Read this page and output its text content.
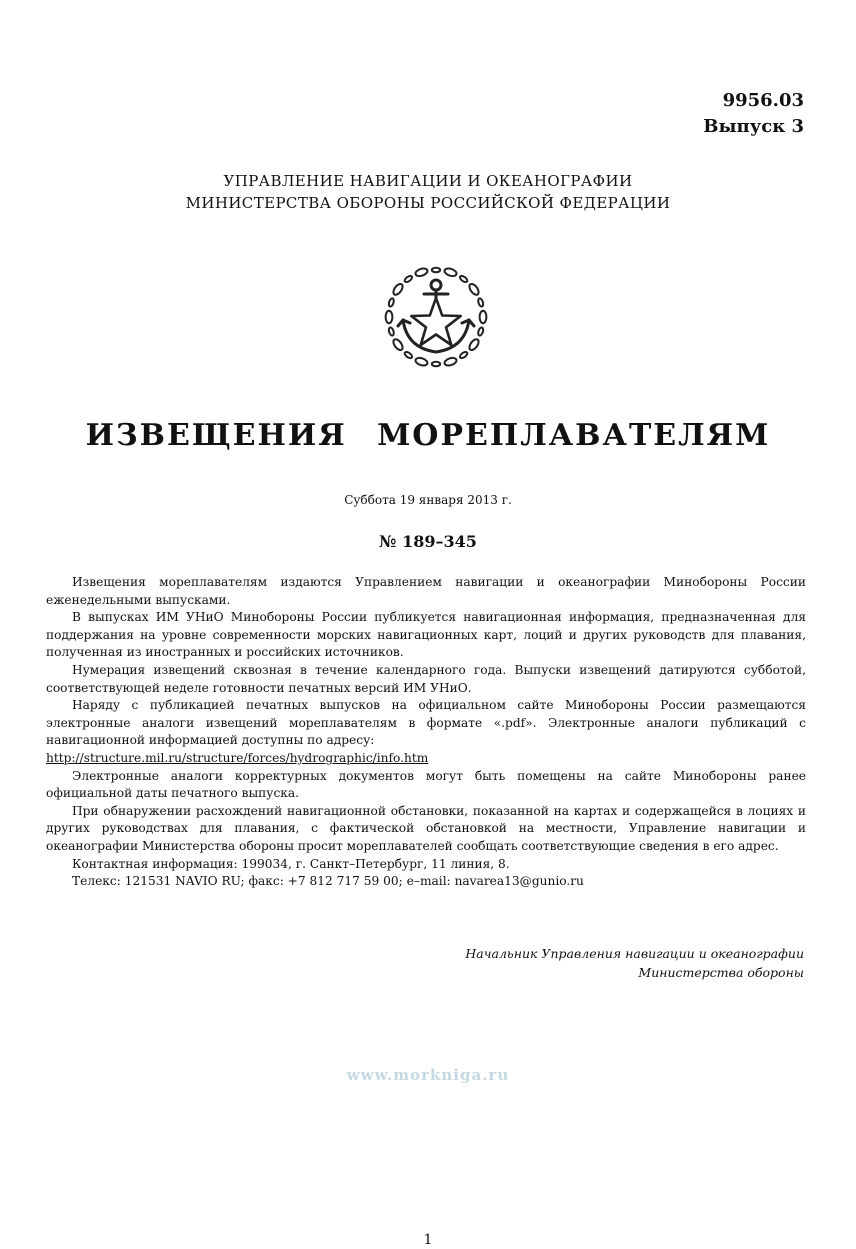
9956.03
Выпуск 3
УПРАВЛЕНИЕ НАВИГАЦИИ И ОКЕАНОГРАФИИ
МИНИСТЕРСТВА ОБОРОНЫ РОССИЙСКОЙ ФЕДЕРАЦИИ
ИЗВЕЩЕНИЯ МОРЕПЛАВАТЕЛЯМ
Суббота 19 января 2013 г.
№ 189–345

Извещения мореплавателям издаются Управлением навигации и океанографии Минобороны России еженедельными выпусками.

В выпусках ИМ УНиО Минобороны России публикуется навигационная информация, предназначенная для поддержания на уровне современности морских навигационных карт, лоций и других руководств для плавания, полученная из иностранных и российских источников.

Нумерация извещений сквозная в течение календарного года. Выпуски извещений датируются субботой, соответствующей неделе готовности печатных версий ИМ УНиО.

Наряду с публикацией печатных выпусков на официальном сайте Минобороны России размещаются электронные аналоги извещений мореплавателям в формате «.pdf». Электронные аналоги публикаций с навигационной информацией доступны по адресу:

http://structure.mil.ru/structure/forces/hydrographic/info.htm

Электронные аналоги корректурных документов могут быть помещены на сайте Минобороны ранее официальной даты печатного выпуска.

При обнаружении расхождений навигационной обстановки, показанной на картах и содержащейся в лоциях и других руководствах для плавания, с фактической обстановкой на местности, Управление навигации и океанографии Министерства обороны просит мореплавателей сообщать соответствующие сведения в его адрес.

Контактная информация: 199034, г. Санкт–Петербург, 11 линия, 8.

Телекс: 121531 NAVIO RU; факс: +7 812 717 59 00; e–mail: navarea13@gunio.ru

Начальник Управления навигации и океанографии
Министерства обороны
www.morkniga.ru
1
